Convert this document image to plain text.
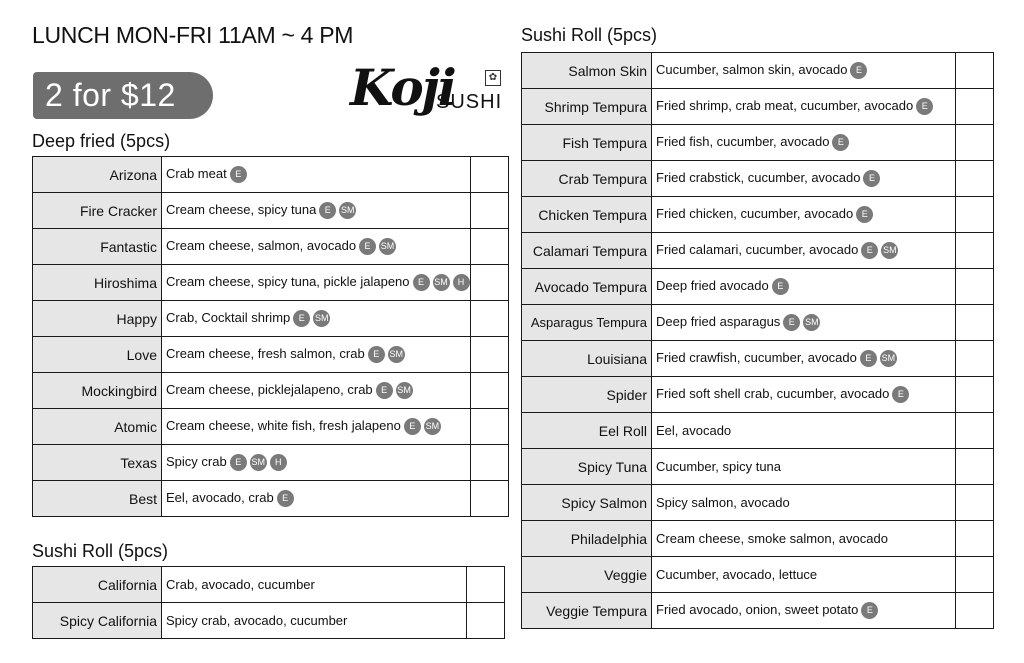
LUNCH MON-FRI 11AM ~ 4 PM
2 for $12	Koji
SUSHI
✿
Deep fried (5pcs)
Arizona	Crab meat E	
Fire Cracker	Cream cheese, spicy tuna E SM	
Fantastic	Cream cheese, salmon, avocado E SM	
Hiroshima	Cream cheese, spicy tuna, pickle jalapeno E SM H	
Happy	Crab, Cocktail shrimp E SM	
Love	Cream cheese, fresh salmon, crab E SM	
Mockingbird	Cream cheese, picklejalapeno, crab E SM	
Atomic	Cream cheese, white fish, fresh jalapeno E SM	
Texas	Spicy crab E SM H	
Best	Eel, avocado, crab E	
Sushi Roll (5pcs)
California	Crab, avocado, cucumber	
Spicy California	Spicy crab, avocado, cucumber	
Sushi Roll (5pcs)
Salmon Skin	Cucumber, salmon skin, avocado E	
Shrimp Tempura	Fried shrimp, crab meat, cucumber, avocado E	
Fish Tempura	Fried fish, cucumber, avocado E	
Crab Tempura	Fried crabstick, cucumber, avocado E	
Chicken Tempura	Fried chicken, cucumber, avocado E	
Calamari Tempura	Fried calamari, cucumber, avocado E SM	
Avocado Tempura	Deep fried avocado E	
Asparagus Tempura	Deep fried asparagus E SM	
Louisiana	Fried crawfish, cucumber, avocado E SM	
Spider	Fried soft shell crab, cucumber, avocado E	
Eel Roll	Eel, avocado	
Spicy Tuna	Cucumber, spicy tuna	
Spicy Salmon	Spicy salmon, avocado	
Philadelphia	Cream cheese, smoke salmon, avocado	
Veggie	Cucumber, avocado, lettuce	
Veggie Tempura	Fried avocado, onion, sweet potato E	
